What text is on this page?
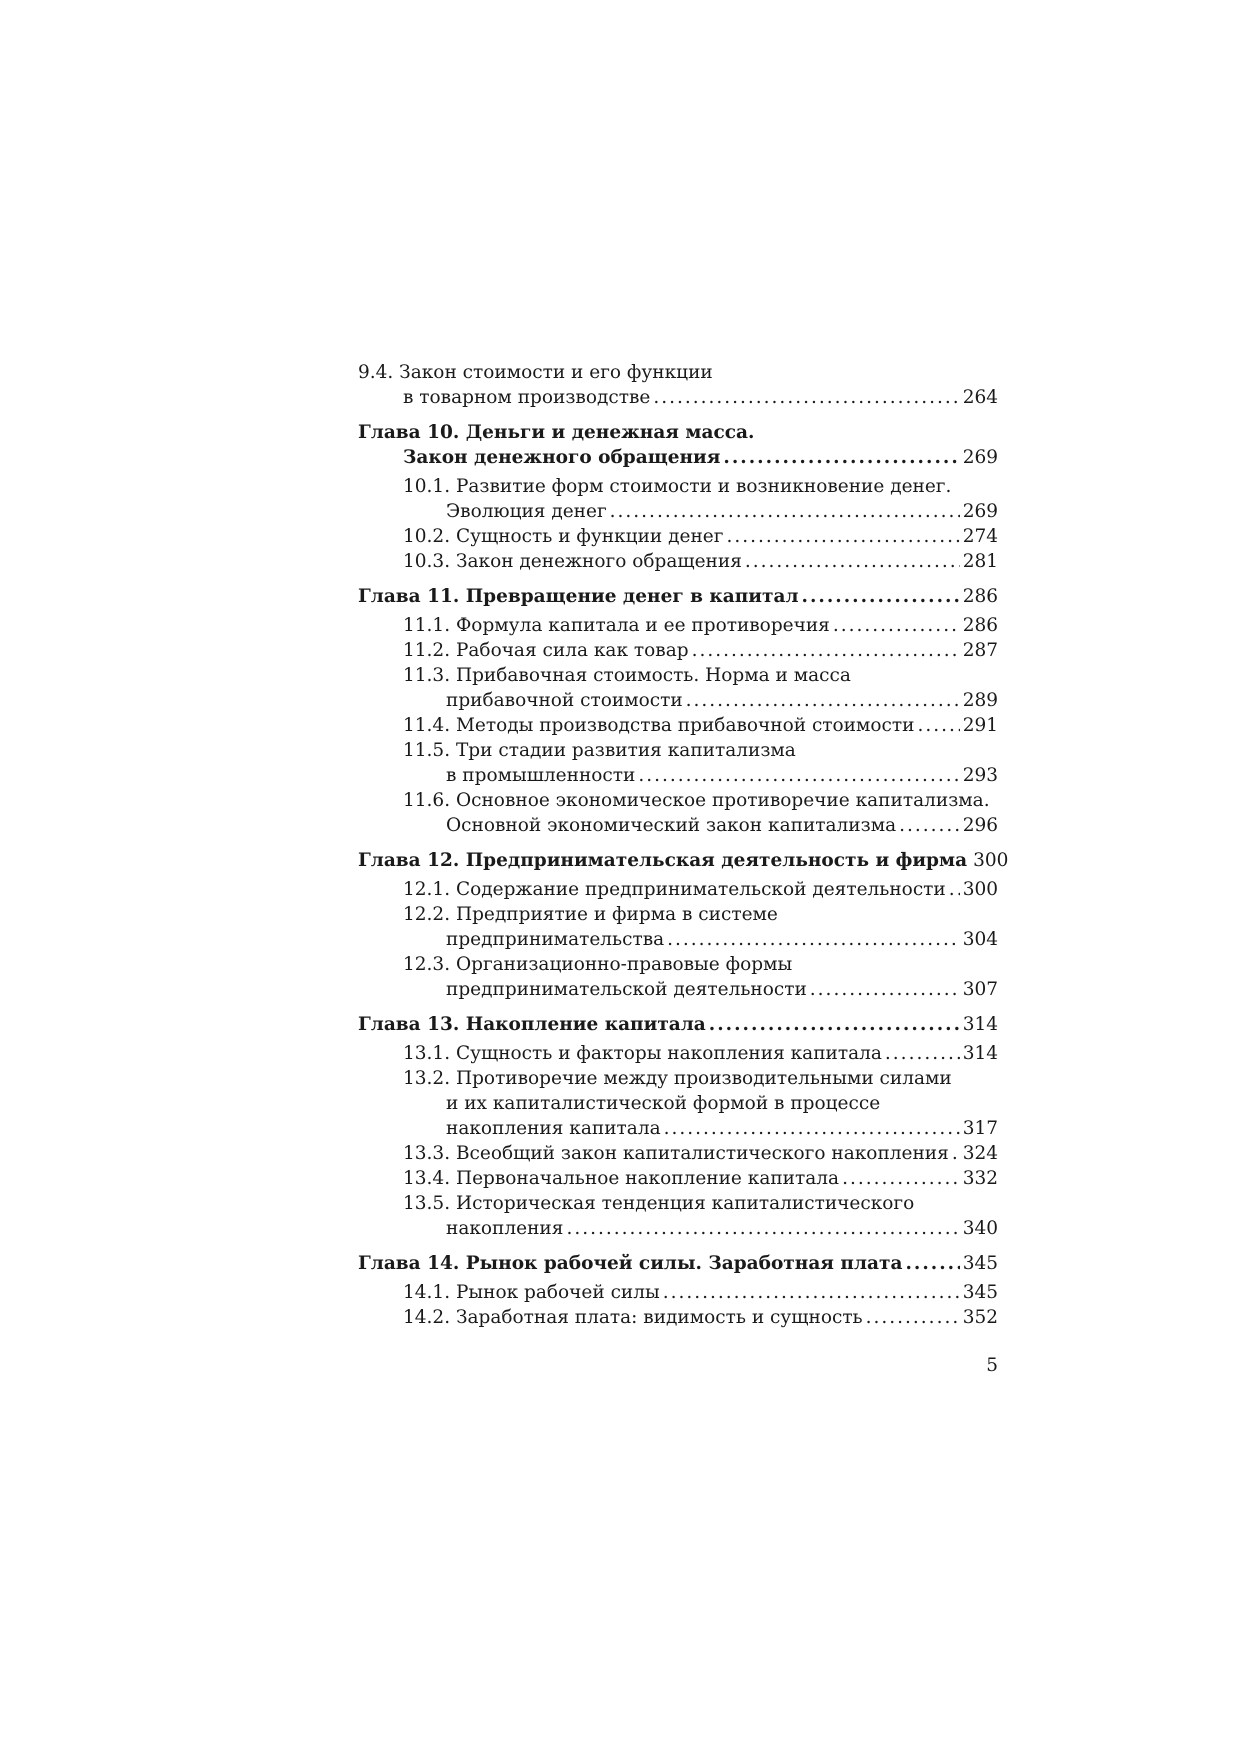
9.4. Закон стоимости и его функции
в товарном производстве .....	264
Глава 10. Деньги и денежная масса.
Закон денежного обращения .....	269
10.1. Развитие форм стоимости и возникновение денег.
Эволюция денег .....	269
10.2. Сущность и функции денег .....	274
10.3. Закон денежного обращения .....	281
Глава 11. Превращение денег в капитал .....	286
11.1. Формула капитала и ее противоречия .....	286
11.2. Рабочая сила как товар .....	287
11.3. Прибавочная стоимость. Норма и масса
прибавочной стоимости .....	289
11.4. Методы производства прибавочной стоимости .....	291
11.5. Три стадии развития капитализма
в промышленности .....	293
11.6. Основное экономическое противоречие капитализма.
Основной экономический закон капитализма .....	296
Глава 12. Предпринимательская деятельность и фирма 300
12.1. Содержание предпринимательской деятельности ..... 300
12.2. Предприятие и фирма в системе
предпринимательства .....	304
12.3. Организационно-правовые формы
предпринимательской деятельности .....	307
Глава 13. Накопление капитала .....	314
13.1. Сущность и факторы накопления капитала .....	314
13.2. Противоречие между производительными силами
и их капиталистической формой в процессе
накопления капитала .....	317
13.3. Всеобщий закон капиталистического накопления ..... 324
13.4. Первоначальное накопление капитала .....	332
13.5. Историческая тенденция капиталистического
накопления .....	340
Глава 14. Рынок рабочей силы. Заработная плата .....	345
14.1. Рынок рабочей силы .....	345
14.2. Заработная плата: видимость и сущность .....	352
5
